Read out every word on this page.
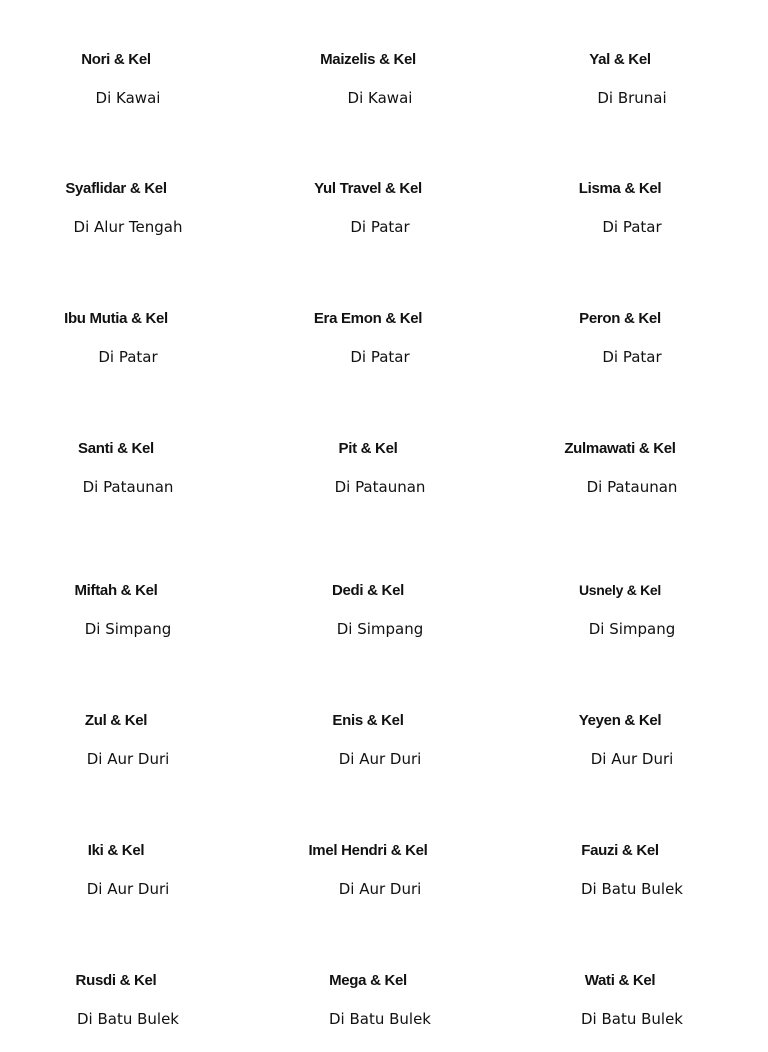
Nori & Kel
Di Kawai
Maizelis & Kel
Di Kawai
Yal & Kel
Di Brunai
Syaflidar & Kel
Di Alur Tengah
Yul Travel & Kel
Di Patar
Lisma & Kel
Di Patar
Ibu Mutia & Kel
Di Patar
Era Emon & Kel
Di Patar
Peron & Kel
Di Patar
Santi & Kel
Di Pataunan
Pit & Kel
Di Pataunan
Zulmawati & Kel
Di Pataunan
Miftah & Kel
Di Simpang
Dedi & Kel
Di Simpang
Usnely & Kel
Di Simpang
Zul & Kel
Di Aur Duri
Enis & Kel
Di Aur Duri
Yeyen & Kel
Di Aur Duri
Iki & Kel
Di Aur Duri
Imel Hendri & Kel
Di Aur Duri
Fauzi & Kel
Di Batu Bulek
Rusdi & Kel
Di Batu Bulek
Mega & Kel
Di Batu Bulek
Wati & Kel
Di Batu Bulek
